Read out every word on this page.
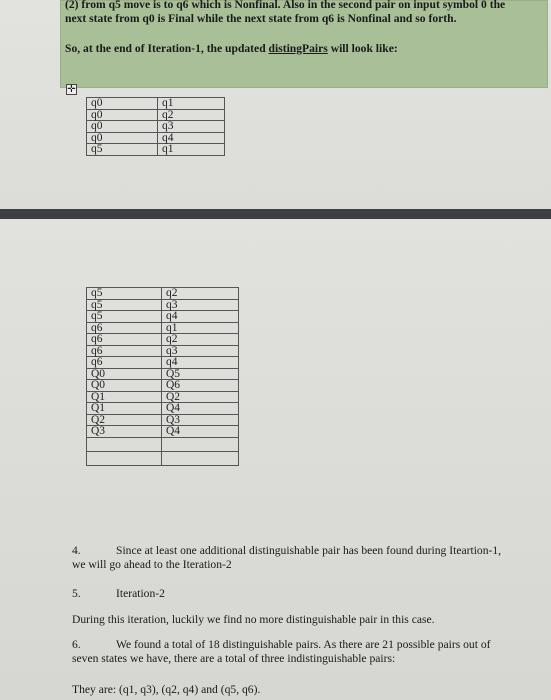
(2) from q5 move is to q6 which is Nonfinal. Also in the second pair on input symbol 0 the
next state from q0 is Final while the next state from q6 is Nonfinal and so forth.
So, at the end of Iteration-1, the updated distingPairs will look like:
✛
q0	q1
q0	q2
q0	q3
q0	q4
q5	q1
q5	q2
q5	q3
q5	q4
q6	q1
q6	q2
q6	q3
q6	q4
Q0	Q5
Q0	Q6
Q1	Q2
Q1	Q4
Q2	Q3
Q3	Q4

4.	Since at least one additional distinguishable pair has been found during Iteartion-1,
we will go ahead to the Iteration-2
5.	Iteration-2
During this iteration, luckily we find no more distinguishable pair in this case.
6.	We found a total of 18 distinguishable pairs. As there are 21 possible pairs out of
seven states we have, there are a total of three indistinguishable pairs:
They are: (q1, q3), (q2, q4) and (q5, q6).
